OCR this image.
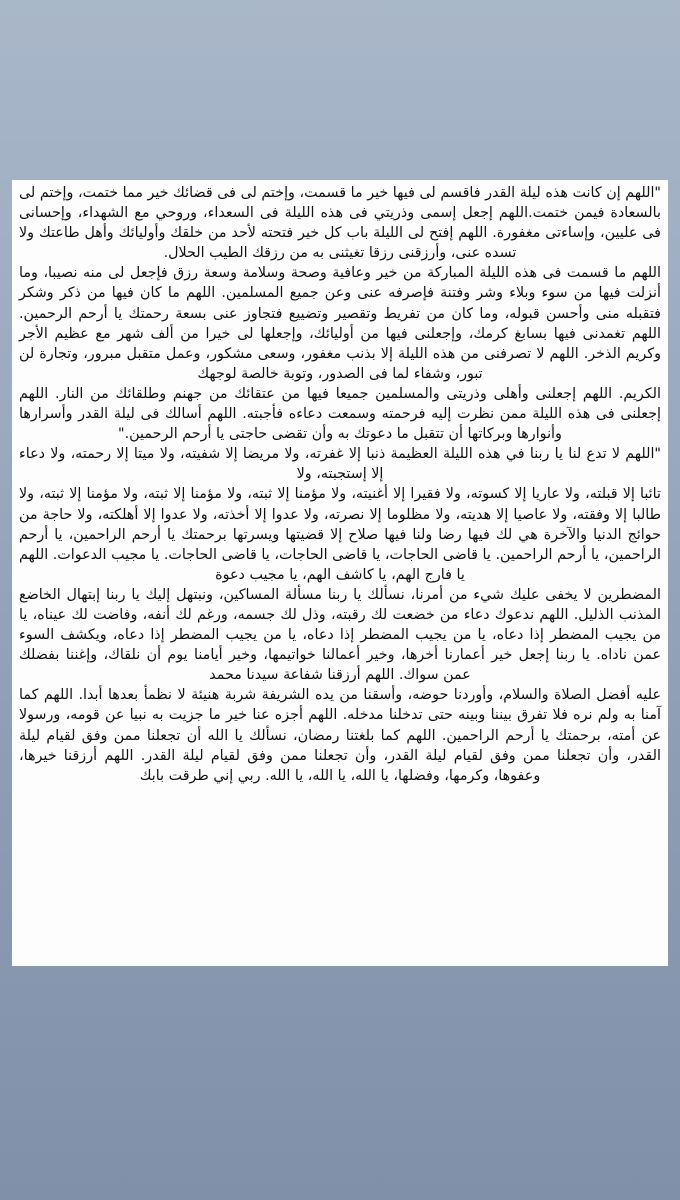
"اللهم إن كانت هذه ليلة القدر فاقسم لى فيها خير ما قسمت، وإختم لى فى قضائك خير مما ختمت، وإختم لى بالسعادة فيمن ختمت.اللهم إجعل إسمى وذريتي فى هذه الليلة فى السعداء، وروحي مع الشهداء، وإحسانى فى عليين، وإساءتى مغفورة. اللهم إفتح لى الليلة باب كل خير فتحته لأحد من خلقك وأوليائك وأهل طاعتك ولا تسده عنى، وأرزقنى رزقا تغيثنى به من رزقك الطيب الحلال.

اللهم ما قسمت فى هذه الليلة المباركة من خير وعافية وصحة وسلامة وسعة رزق فإجعل لى منه نصيبا، وما أنزلت فيها من سوء وبلاء وشر وفتنة فإصرفه عنى وعن جميع المسلمين. اللهم ما كان فيها من ذكر وشكر فتقبله منى وأحسن قبوله، وما كان من تفريط وتقصير وتضييع فتجاوز عنى بسعة رحمتك يا أرحم الرحمين. اللهم تغمدنى فيها بسابغ كرمك، وإجعلنى فيها من أوليائك، وإجعلها لى خيرا من ألف شهر مع عظيم الأجر وكريم الذخر. اللهم لا تصرفنى من هذه الليلة إلا بذنب مغفور، وسعى مشكور، وعمل متقبل مبرور، وتجارة لن تبور، وشفاء لما فى الصدور، وتوبة خالصة لوجهك

الكريم. اللهم إجعلنى وأهلى وذريتى والمسلمين جميعا فيها من عتقائك من جهنم وطلقائك من النار. اللهم إجعلنى فى هذه الليلة ممن نظرت إليه فرحمته وسمعت دعاءه فأجبته. اللهم أسالك فى ليلة القدر وأسرارها وأنوارها وبركاتها أن تتقبل ما دعوتك به وأن تقضى حاجتى يا أرحم الرحمين."

"اللهم لا تدع لنا يا ربنا في هذه الليلة العظيمة ذنبا إلا غفرته، ولا مريضا إلا شفيته، ولا ميتا إلا رحمته، ولا دعاء إلا إستجبته، ولا

تائبا إلا قبلته، ولا عاريا إلا كسوته، ولا فقيرا إلا أغنيته، ولا مؤمنا إلا ثبته، ولا مؤمنا إلا ثبته، ولا مؤمنا إلا ثبته، ولا طالبا إلا وفقته، ولا عاصيا إلا هديته، ولا مظلوما إلا نصرته، ولا عدوا إلا أخذته، ولا عدوا إلا أهلكته، ولا حاجة من حوائج الدنيا والآخرة هي لك فيها رضا ولنا فيها صلاح إلا قضيتها ويسرتها برحمتك يا أرحم الراحمين، يا أرحم الراحمين، يا أرحم الراحمين. يا قاضى الحاجات، يا قاضى الحاجات، يا قاضى الحاجات. يا مجيب الدعوات. اللهم يا فارج الهم، يا كاشف الهم، يا مجيب دعوة

المضطرين لا يخفى عليك شيء من أمرنا، نسألك يا ربنا مسألة المساكين، ونبتهل إليك يا ربنا إبتهال الخاضع المذنب الذليل. اللهم ندعوك دعاء من خضعت لك رقبته، وذل لك جسمه، ورغم لك أنفه، وفاضت لك عيناه، يا من يجيب المضطر إذا دعاه، يا من يجيب المضطر إذا دعاه، يا من يجيب المضطر إذا دعاه، ويكشف السوء عمن ناداه. يا ربنا إجعل خير أعمارنا أخرها، وخير أعمالنا خواتيمها، وخير أيامنا يوم أن نلقاك، وإغننا بفضلك عمن سواك. اللهم أرزقنا شفاعة سيدنا محمد

عليه أفضل الصلاة والسلام، وأوردنا حوضه، وأسقنا من يده الشريفة شربة هنيئة لا نظمأ بعدها أبدا. اللهم كما آمنا به ولم نره فلا تفرق بيننا وبينه حتى تدخلنا مدخله. اللهم أجزه عنا خير ما جزيت به نبيا عن قومه، ورسولا عن أمته، برحمتك يا أرحم الراحمين. اللهم كما بلغتنا رمضان، نسألك يا الله أن تجعلنا ممن وفق لقيام ليلة القدر، وأن تجعلنا ممن وفق لقيام ليلة القدر، وأن تجعلنا ممن وفق لقيام ليلة القدر. اللهم أرزقنا خيرها، وعفوها، وكرمها، وفضلها، يا الله، يا الله، يا الله. ربي إني طرقت بابك
